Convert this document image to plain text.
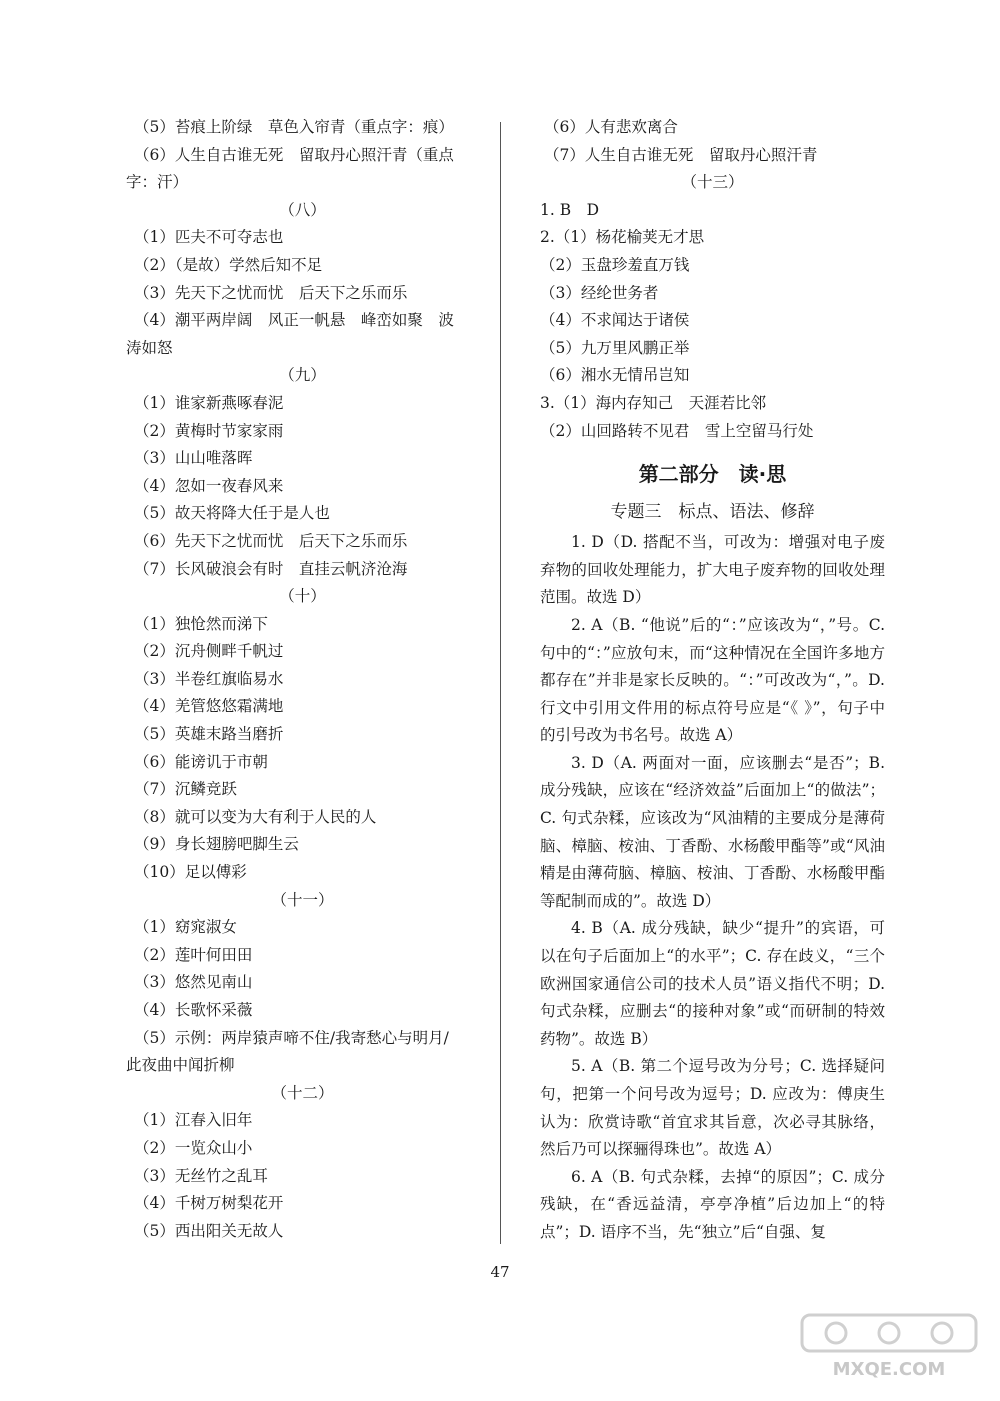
（5）苔痕上阶绿　草色入帘青（重点字：痕）
（6）人生自古谁无死　留取丹心照汗青（重点
字：汗）
（八）
（1）匹夫不可夺志也
（2）（是故）学然后知不足
（3）先天下之忧而忧　后天下之乐而乐
（4）潮平两岸阔　风正一帆悬　峰峦如聚　波
涛如怒
（九）
（1）谁家新燕啄春泥
（2）黄梅时节家家雨
（3）山山唯落晖
（4）忽如一夜春风来
（5）故天将降大任于是人也
（6）先天下之忧而忧　后天下之乐而乐
（7）长风破浪会有时　直挂云帆济沧海
（十）
（1）独怆然而涕下
（2）沉舟侧畔千帆过
（3）半卷红旗临易水
（4）羌管悠悠霜满地
（5）英雄末路当磨折
（6）能谤讥于市朝
（7）沉鳞竞跃
（8）就可以变为大有利于人民的人
（9）身长翅膀吧脚生云
（10）足以傅彩
（十一）
（1）窈窕淑女
（2）莲叶何田田
（3）悠然见南山
（4）长歌怀采薇
（5）示例：两岸猿声啼不住/我寄愁心与明月/
此夜曲中闻折柳
（十二）
（1）江春入旧年
（2）一览众山小
（3）无丝竹之乱耳
（4）千树万树梨花开
（5）西出阳关无故人
（6）人有悲欢离合
（7）人生自古谁无死　留取丹心照汗青
（十三）
1. B　D
2.（1）杨花榆荚无才思
（2）玉盘珍羞直万钱
（3）经纶世务者
（4）不求闻达于诸侯
（5）九万里风鹏正举
（6）湘水无情吊岂知
3.（1）海内存知己　天涯若比邻
（2）山回路转不见君　雪上空留马行处
第二部分　读·思
专题三　标点、语法、修辞
1. D（D. 搭配不当，可改为：增强对电子废弃物的回收处理能力，扩大电子废弃物的回收处理范围。故选 D）
2. A（B. “他说”后的“：”应该改为“，”号。C. 句中的“：”应放句末，而“这种情况在全国许多地方都存在”并非是家长反映的。“：”可改改为“，”。D. 行文中引用文件用的标点符号应是“《 》”，句子中的引号改为书名号。故选 A）
3. D（A. 两面对一面，应该删去“是否”；B. 成分残缺，应该在“经济效益”后面加上“的做法”；C. 句式杂糅，应该改为“风油精的主要成分是薄荷脑、樟脑、桉油、丁香酚、水杨酸甲酯等”或“风油精是由薄荷脑、樟脑、桉油、丁香酚、水杨酸甲酯等配制而成的”。故选 D）
4. B（A. 成分残缺，缺少“提升”的宾语，可以在句子后面加上“的水平”；C. 存在歧义，“三个欧洲国家通信公司的技术人员”语义指代不明；D. 句式杂糅，应删去“的接种对象”或“而研制的特效药物”。故选 B）
5. A（B. 第二个逗号改为分号；C. 选择疑问句，把第一个问号改为逗号；D. 应改为：傅庚生认为：欣赏诗歌“首宜求其旨意，次必寻其脉络，然后乃可以探骊得珠也”。故选 A）
6. A（B. 句式杂糅，去掉“的原因”；C. 成分残缺，在“香远益清，亭亭净植”后边加上“的特点”；D. 语序不当，先“独立”后“自强、复
47
MXQE.COM
